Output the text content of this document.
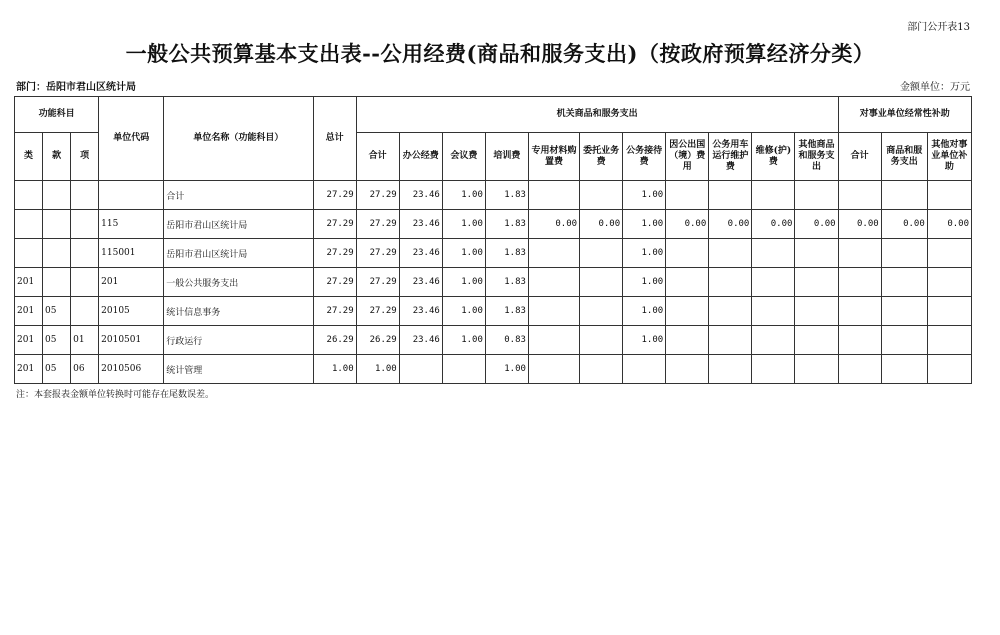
部门公开表13
一般公共预算基本支出表--公用经费(商品和服务支出)（按政府预算经济分类）
部门：岳阳市君山区统计局	金额单位：万元
功能科目			单位代码	单位名称（功能科目）	总计	机关商品和服务支出											对事业单位经常性补助		
类	款	项				合计	办公经费	会议费	培训费	专用材料购置费	委托业务费	公务接待费	因公出国（境）费用	公务用车运行维护费	维修(护)费	其他商品和服务支出	合计	商品和服务支出	其他对事业单位补助
				合计	27.29	27.29	23.46	1.00	1.83			1.00							
			115	岳阳市君山区统计局	27.29	27.29	23.46	1.00	1.83	0.00	0.00	1.00	0.00	0.00	0.00	0.00	0.00	0.00	0.00
			115001	岳阳市君山区统计局	27.29	27.29	23.46	1.00	1.83			1.00							
201			201	一般公共服务支出	27.29	27.29	23.46	1.00	1.83			1.00							
201	05		20105	统计信息事务	27.29	27.29	23.46	1.00	1.83			1.00							
201	05	01	2010501	行政运行	26.29	26.29	23.46	1.00	0.83			1.00							
201	05	06	2010506	统计管理	1.00	1.00			1.00										
注：本套报表金额单位转换时可能存在尾数误差。
